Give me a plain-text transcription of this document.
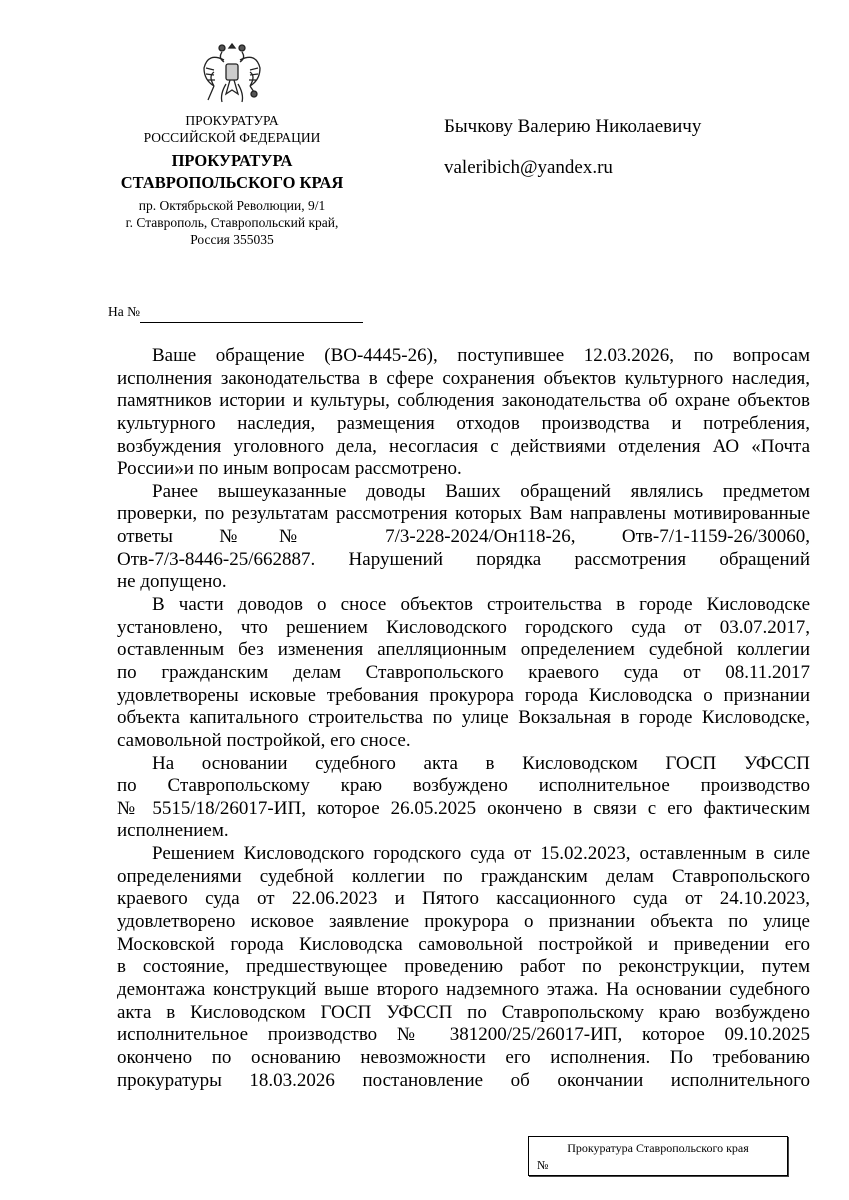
ПРОКУРАТУРА
РОССИЙСКОЙ ФЕДЕРАЦИИ
ПРОКУРАТУРА
СТАВРОПОЛЬСКОГО КРАЯ
пр. Октябрьской Революции, 9/1
г. Ставрополь, Ставропольский край,
Россия 355035
Бычкову Валерию Николаевичу
valeribich@yandex.ru
На №
Ваше обращение (ВО-4445-26), поступившее 12.03.2026, по вопросам
исполнения законодательства в сфере сохранения объектов культурного наследия,
памятников истории и культуры, соблюдения законодательства об охране объектов
культурного наследия, размещения отходов производства и потребления,
возбуждения уголовного дела, несогласия с действиями отделения АО «Почта
России»и по иным вопросам рассмотрено.
Ранее вышеуказанные доводы Ваших обращений являлись предметом
проверки, по результатам рассмотрения которых Вам направлены мотивированные
ответы №№ 7/3-228-2024/Он118-26, Отв-7/1-1159-26/30060,
Отв-7/3-8446-25/662887. Нарушений порядка рассмотрения обращений
не допущено.
В части доводов о сносе объектов строительства в городе Кисловодске
установлено, что решением Кисловодского городского суда от 03.07.2017,
оставленным без изменения апелляционным определением судебной коллегии
по гражданским делам Ставропольского краевого суда от 08.11.2017
удовлетворены исковые требования прокурора города Кисловодска о признании
объекта капитального строительства по улице Вокзальная в городе Кисловодске,
самовольной постройкой, его сносе.
На основании судебного акта в Кисловодском ГОСП УФССП
по Ставропольскому краю возбуждено исполнительное производство
№ 5515/18/26017-ИП, которое 26.05.2025 окончено в связи с его фактическим
исполнением.
Решением Кисловодского городского суда от 15.02.2023, оставленным в силе
определениями судебной коллегии по гражданским делам Ставропольского
краевого суда от 22.06.2023 и Пятого кассационного суда от 24.10.2023,
удовлетворено исковое заявление прокурора о признании объекта по улице
Московской города Кисловодска самовольной постройкой и приведении его
в состояние, предшествующее проведению работ по реконструкции, путем
демонтажа конструкций выше второго надземного этажа. На основании судебного
акта в Кисловодском ГОСП УФССП по Ставропольскому краю возбуждено
исполнительное производство № 381200/25/26017-ИП, которое 09.10.2025
окончено по основанию невозможности его исполнения. По требованию
прокуратуры 18.03.2026 постановление об окончании исполнительного
Прокуратура Ставропольского края
№
